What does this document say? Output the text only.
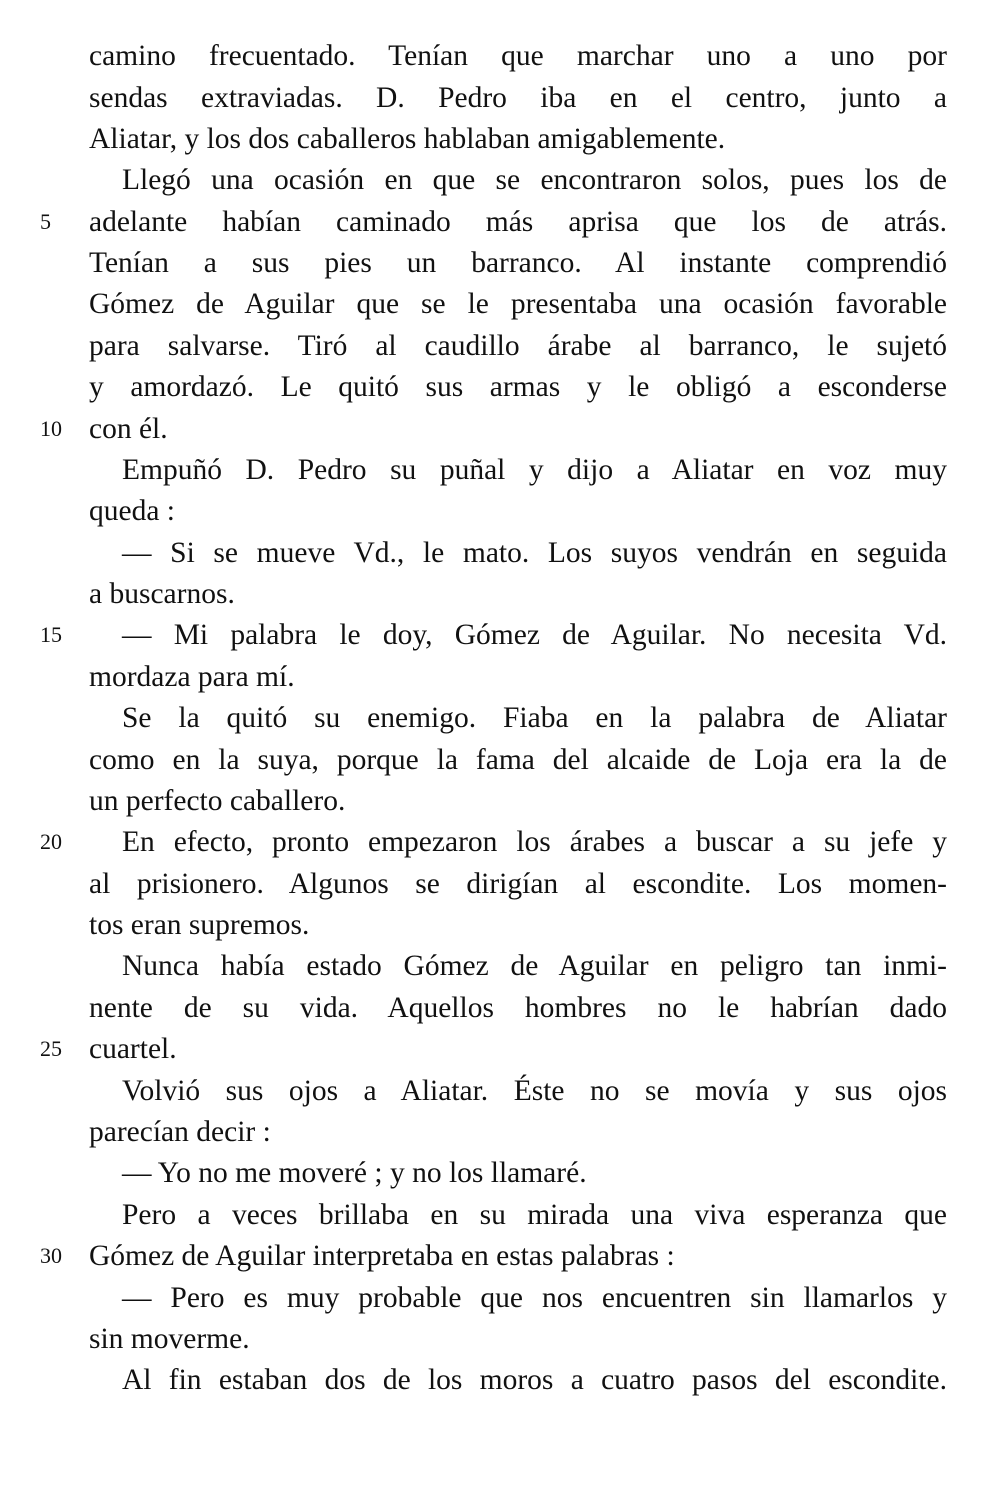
camino frecuentado. Tenían que marchar uno a uno por
sendas extraviadas. D. Pedro iba en el centro, junto a
Aliatar, y los dos caballeros hablaban amigablemente.
Llegó una ocasión en que se encontraron solos, pues los de
5	adelante habían caminado más aprisa que los de atrás.
Tenían a sus pies un barranco. Al instante comprendió
Gómez de Aguilar que se le presentaba una ocasión favorable
para salvarse. Tiró al caudillo árabe al barranco, le sujetó
y amordazó. Le quitó sus armas y le obligó a esconderse
10 con él.
Empuñó D. Pedro su puñal y dijo a Aliatar en voz muy
queda :
— Si se mueve Vd., le mato. Los suyos vendrán en seguida
a buscarnos.
15	— Mi palabra le doy, Gómez de Aguilar. No necesita Vd.
mordaza para mí.
Se la quitó su enemigo. Fiaba en la palabra de Aliatar
como en la suya, porque la fama del alcaide de Loja era la de
un perfecto caballero.
20	En efecto, pronto empezaron los árabes a buscar a su jefe y
al prisionero. Algunos se dirigían al escondite. Los momen-
tos eran supremos.
Nunca había estado Gómez de Aguilar en peligro tan inmi-
nente de su vida. Aquellos hombres no le habrían dado
25 cuartel.
Volvió sus ojos a Aliatar. Éste no se movía y sus ojos
parecían decir :
— Yo no me moveré ; y no los llamaré.
Pero a veces brillaba en su mirada una viva esperanza que
30 Gómez de Aguilar interpretaba en estas palabras :
— Pero es muy probable que nos encuentren sin llamarlos y
sin moverme.
Al fin estaban dos de los moros a cuatro pasos del escondite.
